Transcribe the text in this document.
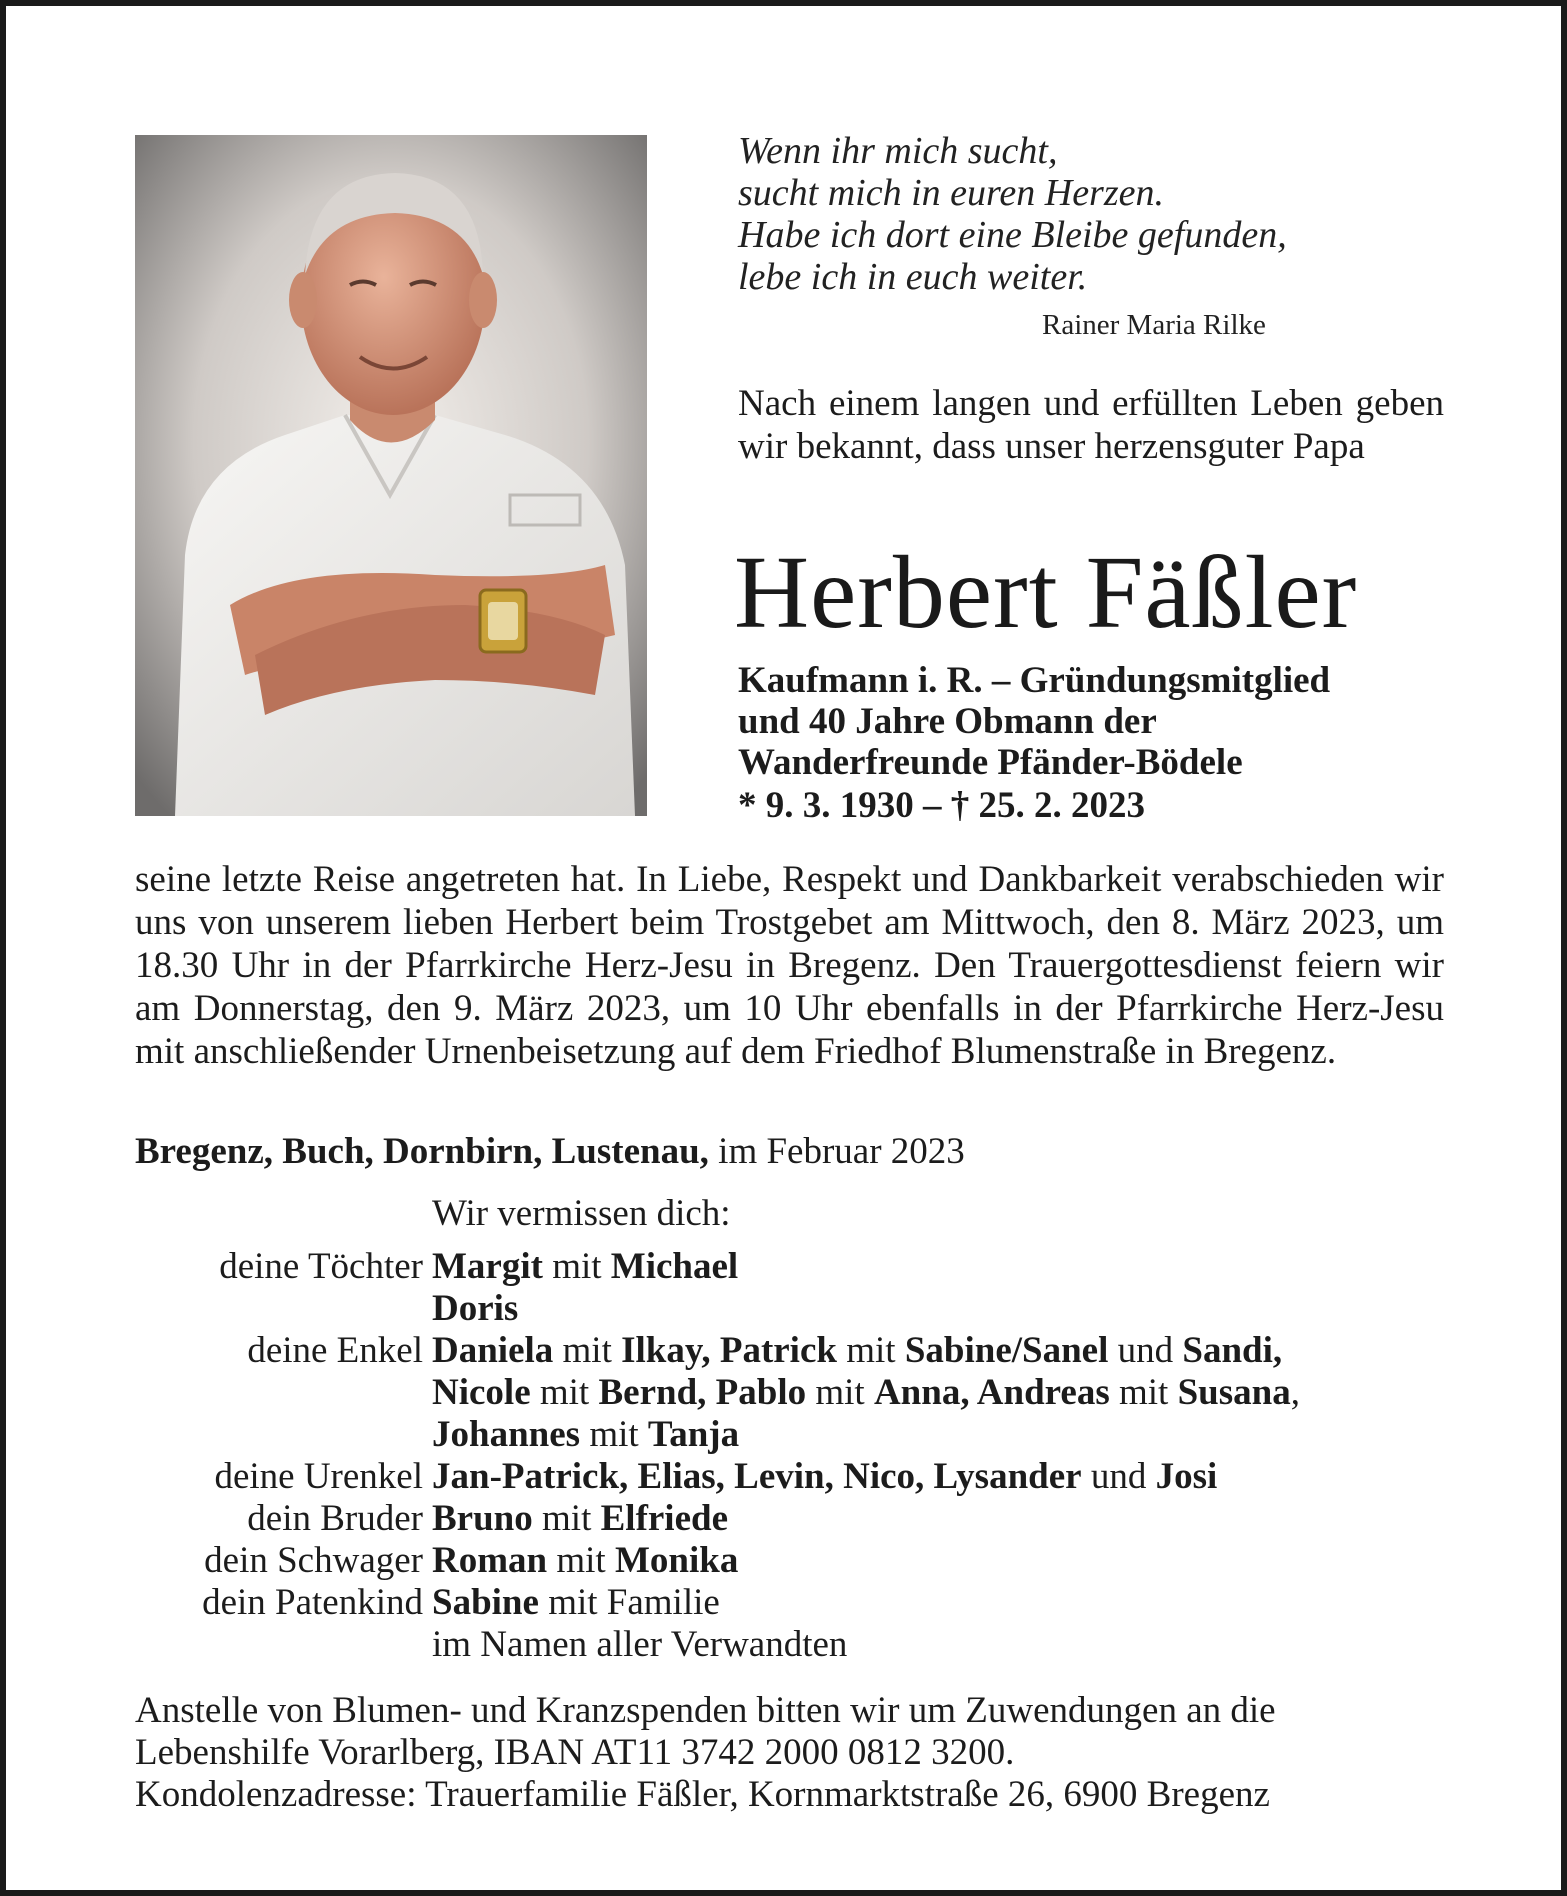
Wenn ihr mich sucht,
sucht mich in euren Herzen.
Habe ich dort eine Bleibe gefunden,
lebe ich in euch weiter.
Rainer Maria Rilke
Nach einem langen und erfüllten Leben geben wir bekannt, dass unser herzensguter Papa
Herbert Fäßler
Kaufmann i. R. – Gründungsmitglied
und 40 Jahre Obmann der
Wanderfreunde Pfänder-Bödele
* 9. 3. 1930 – † 25. 2. 2023
seine letzte Reise angetreten hat. In Liebe, Respekt und Dankbarkeit verabschieden wir uns von unserem lieben Herbert beim Trostgebet am Mittwoch, den 8. März 2023, um 18.30 Uhr in der Pfarrkirche Herz-Jesu in Bregenz. Den Trauergottesdienst feiern wir am Donnerstag, den 9. März 2023, um 10 Uhr ebenfalls in der Pfarrkirche Herz-Jesu mit anschließender Urnenbeisetzung auf dem Friedhof Blumenstraße in Bregenz.
Bregenz, Buch, Dornbirn, Lustenau, im Februar 2023
Wir vermissen dich:
deine Töchter Margit mit Michael
Doris
deine Enkel Daniela mit Ilkay, Patrick mit Sabine/Sanel und Sandi,
Nicole mit Bernd, Pablo mit Anna, Andreas mit Susana,
Johannes mit Tanja
deine Urenkel Jan-Patrick, Elias, Levin, Nico, Lysander und Josi
dein Bruder Bruno mit Elfriede
dein Schwager Roman mit Monika
dein Patenkind Sabine mit Familie
im Namen aller Verwandten
Anstelle von Blumen- und Kranzspenden bitten wir um Zuwendungen an die
Lebenshilfe Vorarlberg, IBAN AT11 3742 2000 0812 3200.
Kondolenzadresse: Trauerfamilie Fäßler, Kornmarktstraße 26, 6900 Bregenz
